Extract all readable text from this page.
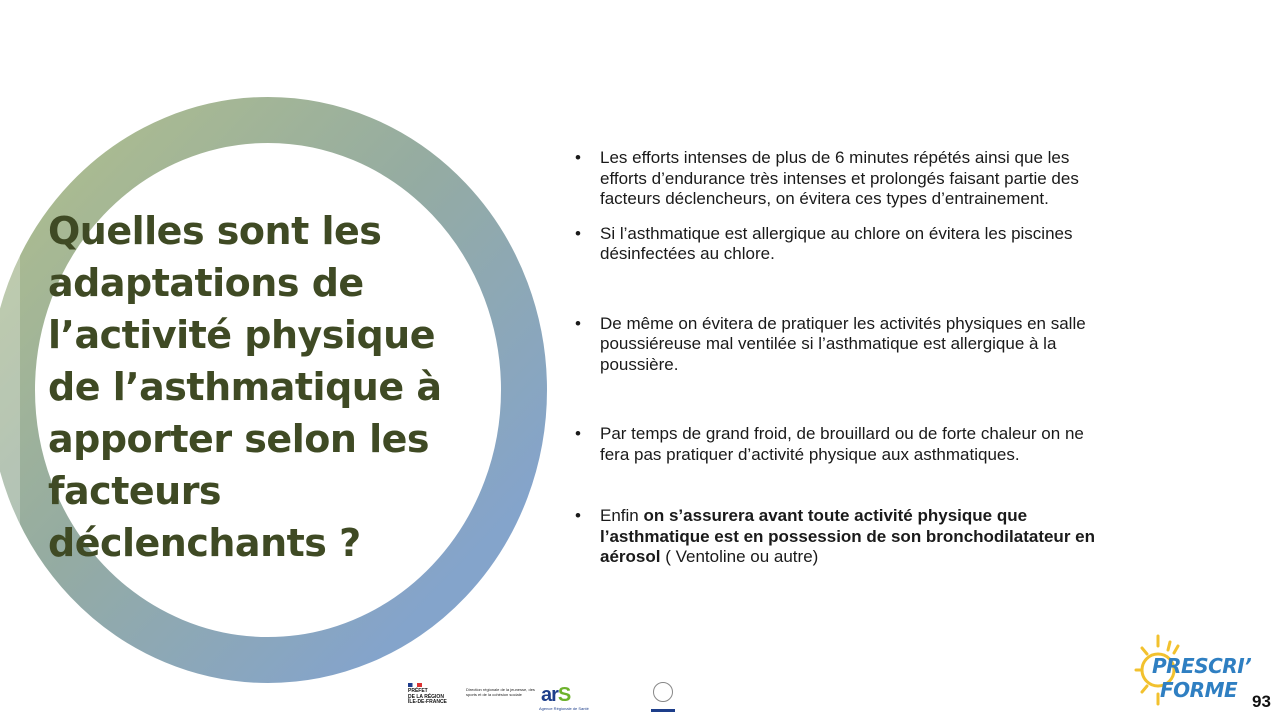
Quelles sont les
adaptations de
l’activité physique
de l’asthmatique à
apporter selon les
facteurs
déclenchants ?
• Les efforts intenses de plus de 6 minutes répétés ainsi que les
efforts d’endurance très intenses et prolongés faisant partie des
facteurs déclencheurs, on évitera ces types d’entrainement.
• Si l’asthmatique est allergique au chlore on évitera les piscines
désinfectées au chlore.
• De même on évitera de pratiquer les activités physiques en salle
poussiéreuse mal ventilée si l’asthmatique est allergique à la
poussière.
• Par temps de grand froid, de brouillard ou de forte chaleur on ne
fera pas pratiquer d’activité physique aux asthmatiques.
• Enfin on s’assurera avant toute activité physique que
l’asthmatique est en possession de son bronchodilatateur en
aérosol ( Ventoline ou autre)
PRÉFET
DE LA RÉGION
ÎLE-DE-FRANCE
Direction régionale de la jeunesse, des sports et de la cohésion sociale arS
Agence Régionale de Santé
PRESCRI’
FORME 93
